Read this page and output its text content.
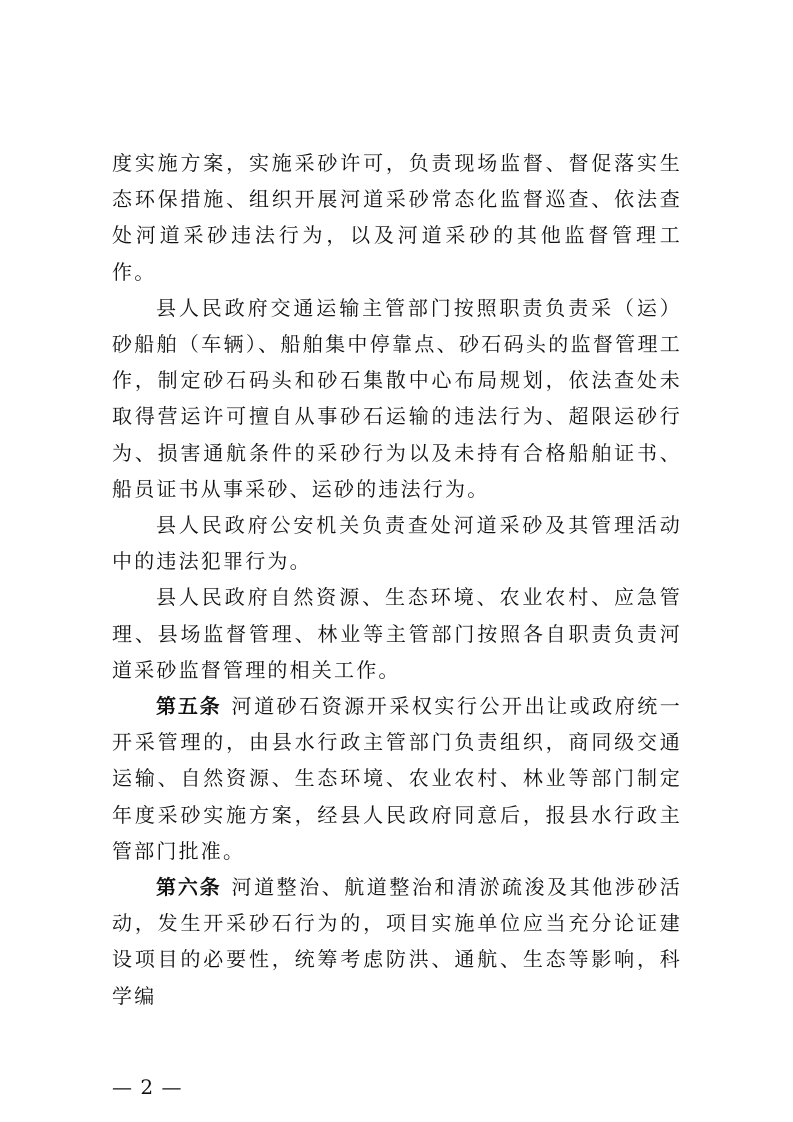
度实施方案，实施采砂许可，负责现场监督、督促落实生态环保措施、组织开展河道采砂常态化监督巡查、依法查处河道采砂违法行为，以及河道采砂的其他监督管理工作。

县人民政府交通运输主管部门按照职责负责采（运）砂船舶（车辆）、船舶集中停靠点、砂石码头的监督管理工作，制定砂石码头和砂石集散中心布局规划，依法查处未取得营运许可擅自从事砂石运输的违法行为、超限运砂行为、损害通航条件的采砂行为以及未持有合格船舶证书、船员证书从事采砂、运砂的违法行为。

县人民政府公安机关负责查处河道采砂及其管理活动中的违法犯罪行为。

县人民政府自然资源、生态环境、农业农村、应急管理、县场监督管理、林业等主管部门按照各自职责负责河道采砂监督管理的相关工作。

第五条 河道砂石资源开采权实行公开出让或政府统一开采管理的，由县水行政主管部门负责组织，商同级交通运输、自然资源、生态环境、农业农村、林业等部门制定年度采砂实施方案，经县人民政府同意后，报县水行政主管部门批准。

第六条 河道整治、航道整治和清淤疏浚及其他涉砂活动，发生开采砂石行为的，项目实施单位应当充分论证建设项目的必要性，统筹考虑防洪、通航、生态等影响，科学编

— 2 —
